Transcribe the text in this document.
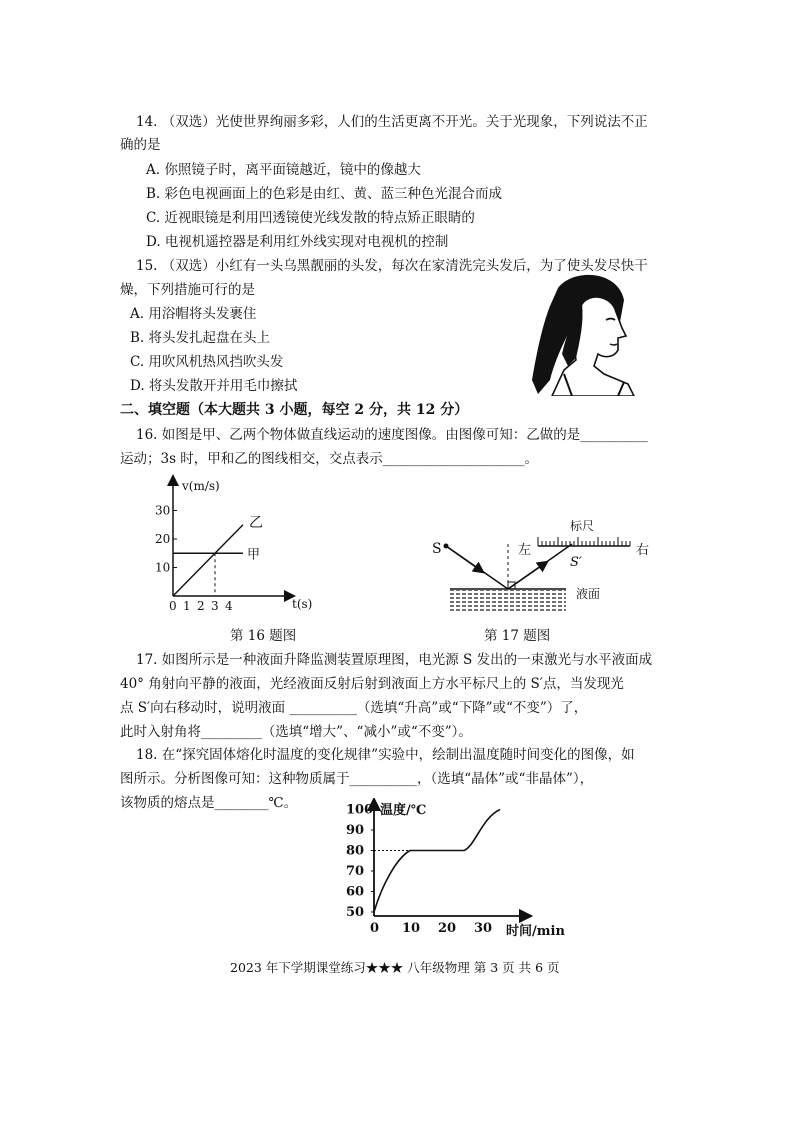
14. （双选）光使世界绚丽多彩，人们的生活更离不开光。关于光现象，下列说法不正
确的是
A. 你照镜子时，离平面镜越近，镜中的像越大
B. 彩色电视画面上的色彩是由红、黄、蓝三种色光混合而成
C. 近视眼镜是利用凹透镜使光线发散的特点矫正眼睛的
D. 电视机遥控器是利用红外线实现对电视机的控制
15. （双选）小红有一头乌黑靓丽的头发，每次在家清洗完头发后，为了使头发尽快干
燥，下列措施可行的是
A. 用浴帽将头发裹住
B. 将头发扎起盘在头上
C. 用吹风机热风挡吹头发
D. 将头发散开并用毛巾擦拭
二、填空题（本大题共 3 小题，每空 2 分，共 12 分）
16. 如图是甲、乙两个物体做直线运动的速度图像。由图像可知：乙做的是__________
运动；3s 时，甲和乙的图线相交，交点表示_____________________。
v(m/s)
t(s)
10
20
30
0 1 2 3 4
甲
乙
第 16 题图
S	左	右
标尺
S′
液面
第 17 题图
17. 如图所示是一种液面升降监测装置原理图，电光源 S 发出的一束激光与水平液面成
40° 角射向平静的液面，光经液面反射后射到液面上方水平标尺上的 S′点，当发现光
点 S′向右移动时，说明液面 __________（选填“升高”或“下降”或“不变”）了，
此时入射角将_________（选填“增大”、“减小”或“不变”）。
18. 在“探究固体熔化时温度的变化规律”实验中，绘制出温度随时间变化的图像，如
图所示。分析图像可知：这种物质属于__________，（选填“晶体”或“非晶体”），
该物质的熔点是________℃。	温度/℃
时间/min
50
60
70
80
90
100
0 10 20 30
2023 年下学期课堂练习★★★ 八年级物理 第 3 页 共 6 页
